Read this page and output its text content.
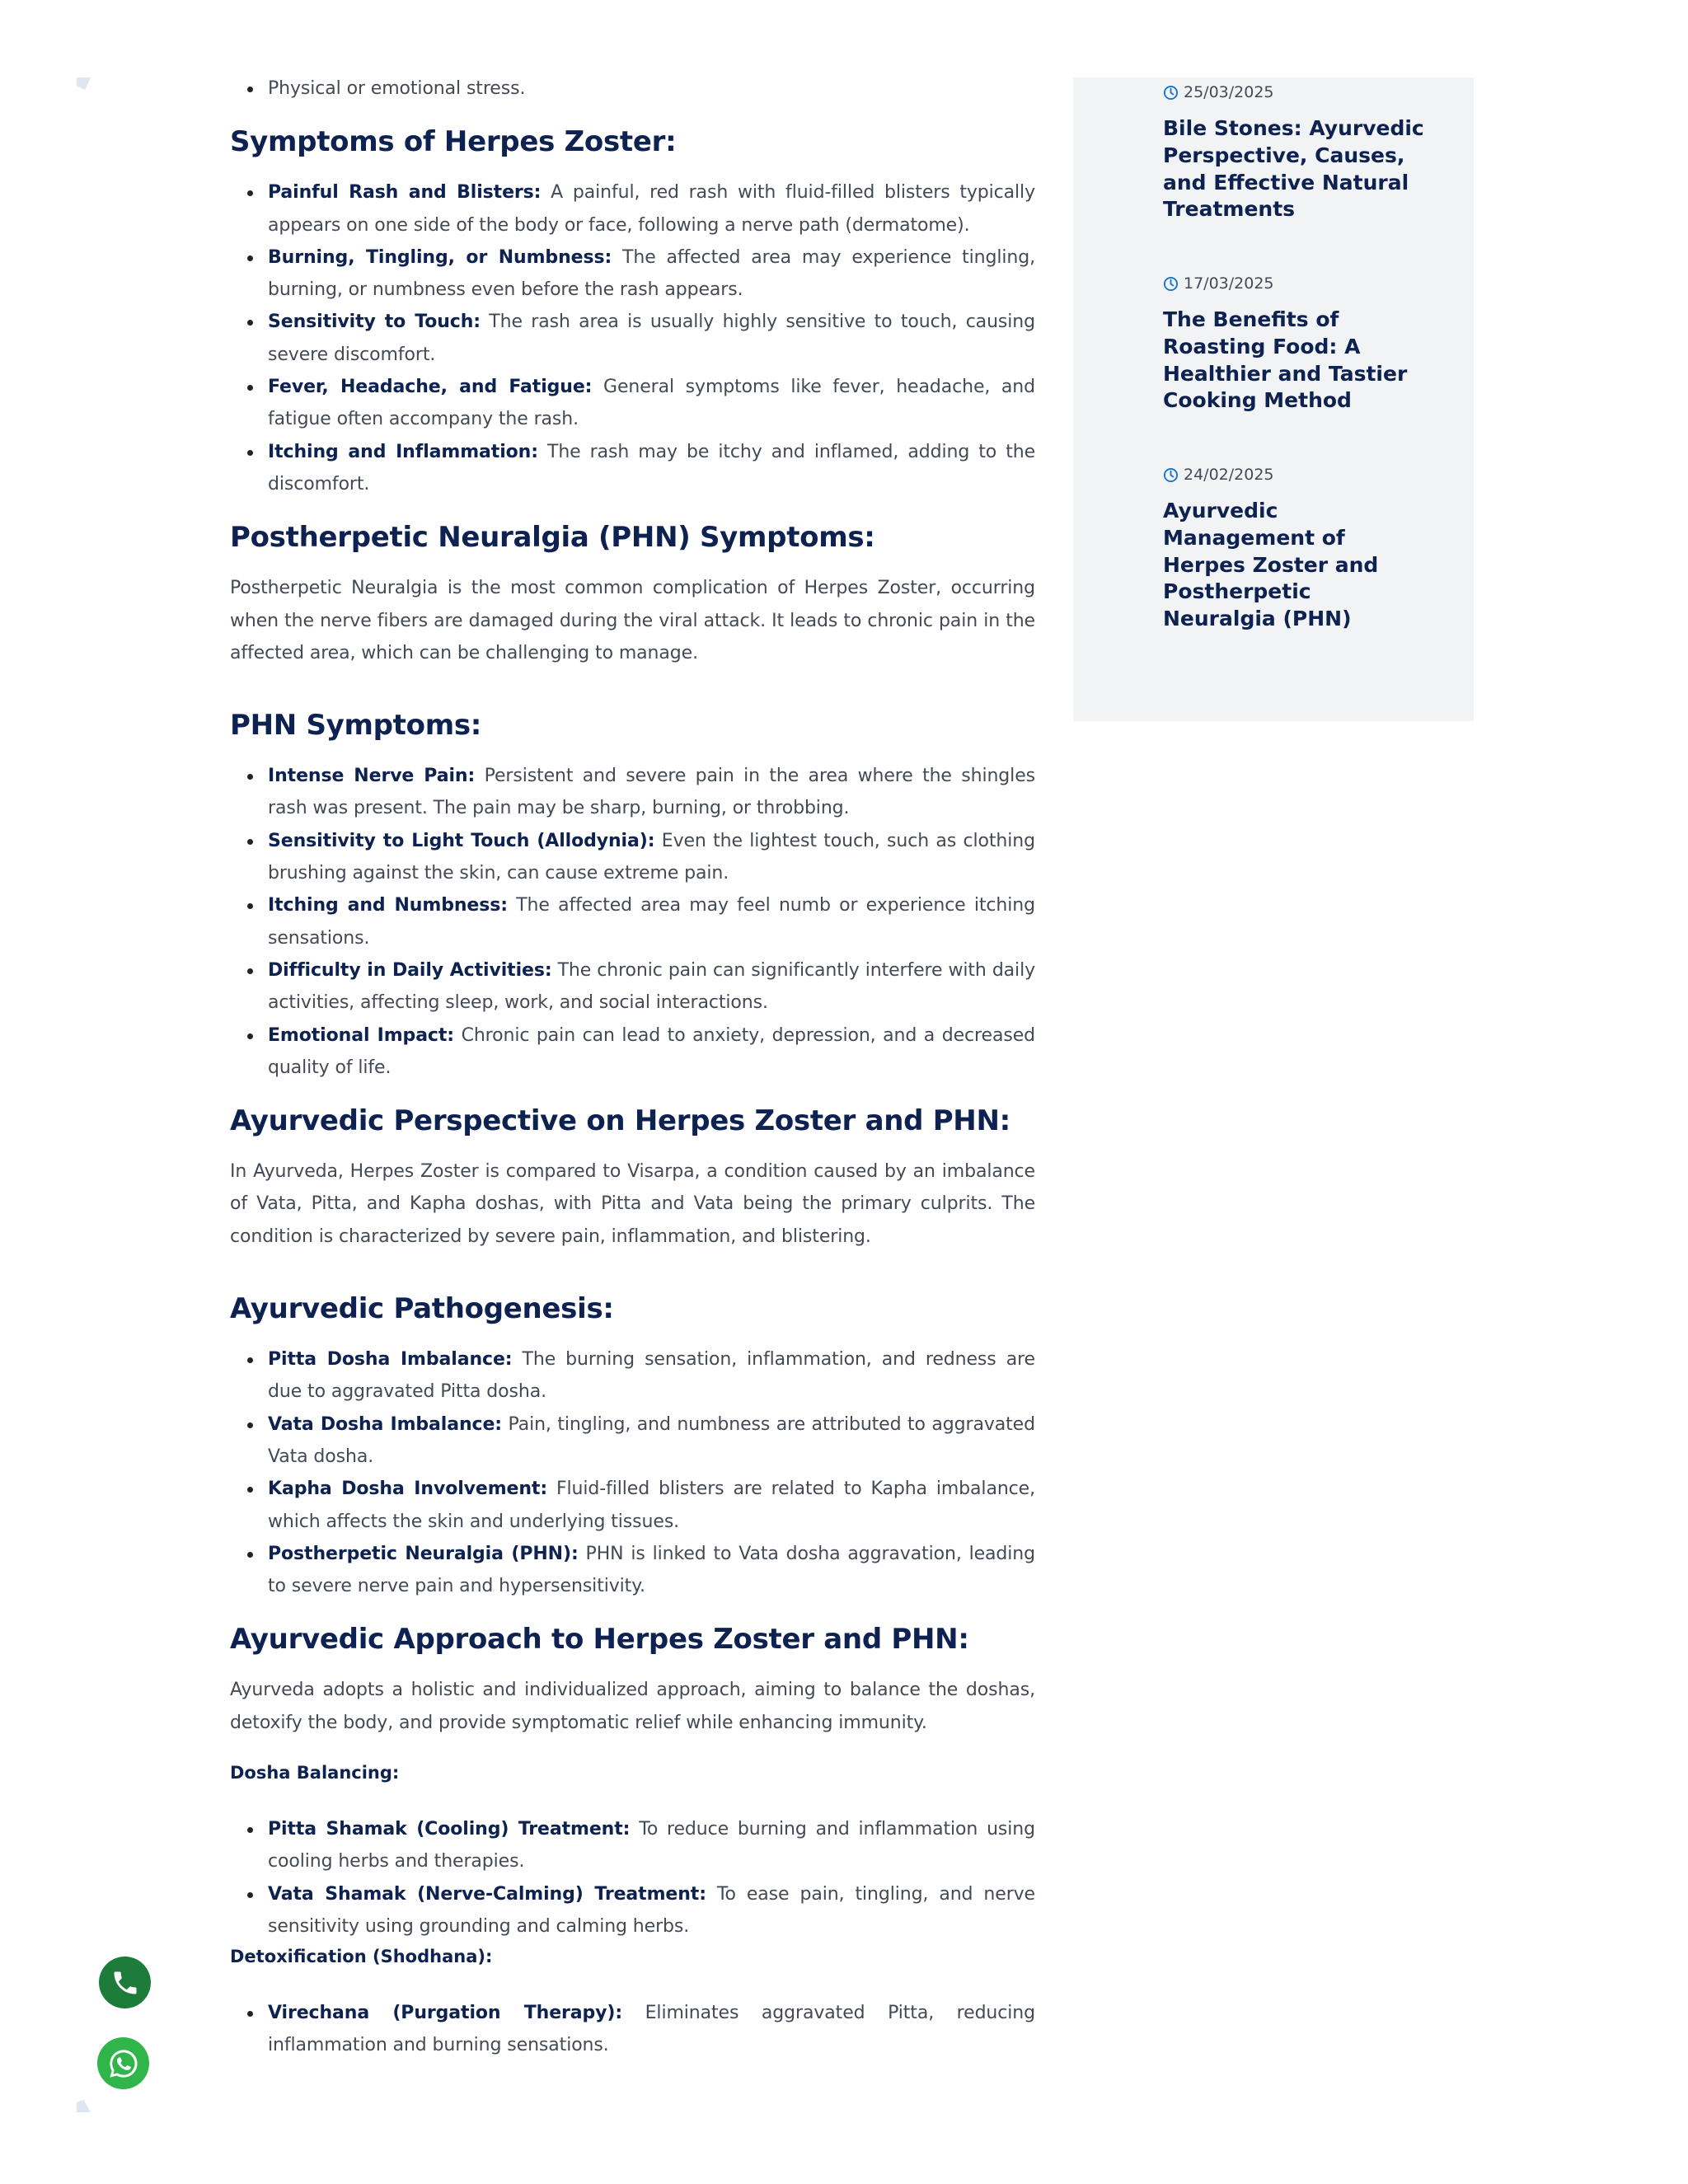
Physical or emotional stress.
Symptoms of Herpes Zoster:
Painful Rash and Blisters: A painful, red rash with fluid-filled blisters typically appears on one side of the body or face, following a nerve path (dermatome).
Burning, Tingling, or Numbness: The affected area may experience tingling, burning, or numbness even before the rash appears.
Sensitivity to Touch: The rash area is usually highly sensitive to touch, causing severe discomfort.
Fever, Headache, and Fatigue: General symptoms like fever, headache, and fatigue often accompany the rash.
Itching and Inflammation: The rash may be itchy and inflamed, adding to the discomfort.
Postherpetic Neuralgia (PHN) Symptoms:

Postherpetic Neuralgia is the most common complication of Herpes Zoster, occurring when the nerve fibers are damaged during the viral attack. It leads to chronic pain in the affected area, which can be challenging to manage.

PHN Symptoms:
Intense Nerve Pain: Persistent and severe pain in the area where the shingles rash was present. The pain may be sharp, burning, or throbbing.
Sensitivity to Light Touch (Allodynia): Even the lightest touch, such as clothing brushing against the skin, can cause extreme pain.
Itching and Numbness: The affected area may feel numb or experience itching sensations.
Difficulty in Daily Activities: The chronic pain can significantly interfere with daily activities, affecting sleep, work, and social interactions.
Emotional Impact: Chronic pain can lead to anxiety, depression, and a decreased quality of life.
Ayurvedic Perspective on Herpes Zoster and PHN:

In Ayurveda, Herpes Zoster is compared to Visarpa, a condition caused by an imbalance of Vata, Pitta, and Kapha doshas, with Pitta and Vata being the primary culprits. The condition is characterized by severe pain, inflammation, and blistering.

Ayurvedic Pathogenesis:
Pitta Dosha Imbalance: The burning sensation, inflammation, and redness are due to aggravated Pitta dosha.
Vata Dosha Imbalance: Pain, tingling, and numbness are attributed to aggravated Vata dosha.
Kapha Dosha Involvement: Fluid-filled blisters are related to Kapha imbalance, which affects the skin and underlying tissues.
Postherpetic Neuralgia (PHN): PHN is linked to Vata dosha aggravation, leading to severe nerve pain and hypersensitivity.
Ayurvedic Approach to Herpes Zoster and PHN:

Ayurveda adopts a holistic and individualized approach, aiming to balance the doshas, detoxify the body, and provide symptomatic relief while enhancing immunity.

Dosha Balancing:
Pitta Shamak (Cooling) Treatment: To reduce burning and inflammation using cooling herbs and therapies.
Vata Shamak (Nerve-Calming) Treatment: To ease pain, tingling, and nerve sensitivity using grounding and calming herbs.
Detoxification (Shodhana):
Virechana (Purgation Therapy): Eliminates aggravated Pitta, reducing inflammation and burning sensations.
25/03/2025
Bile Stones: Ayurvedic Perspective, Causes, and Effective Natural Treatments
17/03/2025
The Benefits of Roasting Food: A Healthier and Tastier Cooking Method
24/02/2025
Ayurvedic Management of Herpes Zoster and Postherpetic Neuralgia (PHN)
